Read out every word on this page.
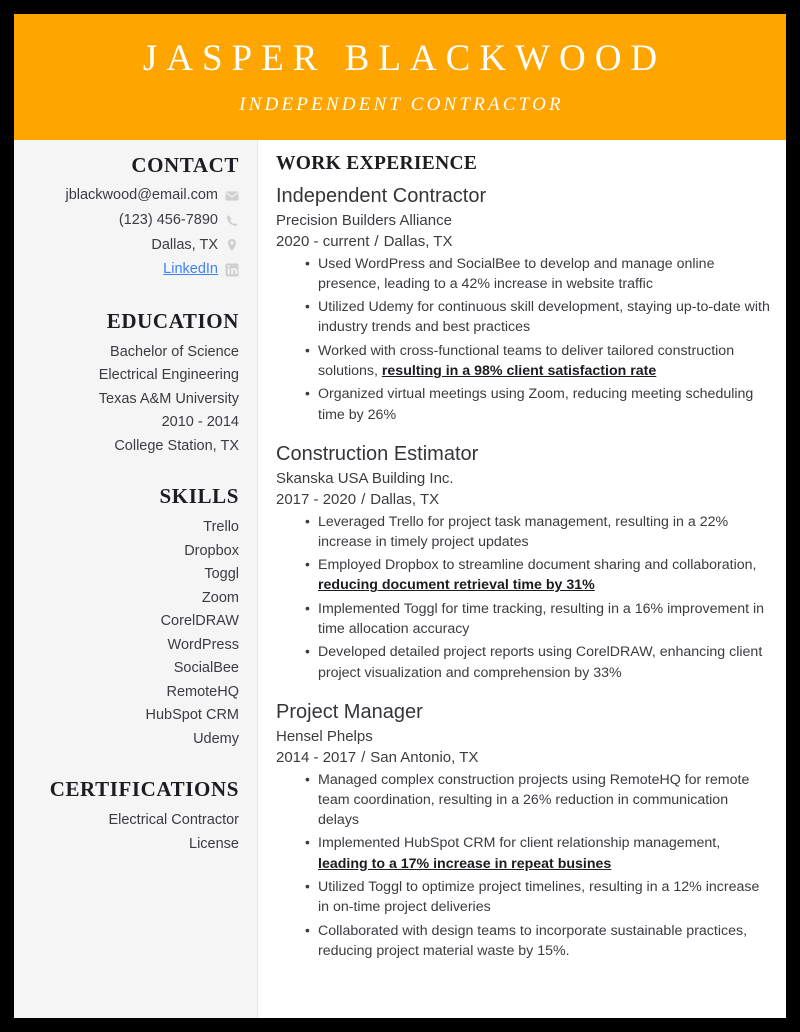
JASPER BLACKWOOD
INDEPENDENT CONTRACTOR
CONTACT
jblackwood@email.com
(123) 456-7890
Dallas, TX
LinkedIn
EDUCATION
Bachelor of Science
Electrical Engineering
Texas A&M University
2010 - 2014
College Station, TX
SKILLS
Trello
Dropbox
Toggl
Zoom
CorelDRAW
WordPress
SocialBee
RemoteHQ
HubSpot CRM
Udemy
CERTIFICATIONS
Electrical Contractor
License
WORK EXPERIENCE
Independent Contractor
Precision Builders Alliance
2020 - current / Dallas, TX
• Used WordPress and SocialBee to develop and manage online presence, leading to a 42% increase in website traffic
• Utilized Udemy for continuous skill development, staying up-to-date with industry trends and best practices
• Worked with cross-functional teams to deliver tailored construction solutions, resulting in a 98% client satisfaction rate
• Organized virtual meetings using Zoom, reducing meeting scheduling time by 26%
Construction Estimator
Skanska USA Building Inc.
2017 - 2020 / Dallas, TX
• Leveraged Trello for project task management, resulting in a 22% increase in timely project updates
• Employed Dropbox to streamline document sharing and collaboration, reducing document retrieval time by 31%
• Implemented Toggl for time tracking, resulting in a 16% improvement in time allocation accuracy
• Developed detailed project reports using CorelDRAW, enhancing client project visualization and comprehension by 33%
Project Manager
Hensel Phelps
2014 - 2017 / San Antonio, TX
• Managed complex construction projects using RemoteHQ for remote team coordination, resulting in a 26% reduction in communication delays
• Implemented HubSpot CRM for client relationship management, leading to a 17% increase in repeat busines
• Utilized Toggl to optimize project timelines, resulting in a 12% increase in on-time project deliveries
• Collaborated with design teams to incorporate sustainable practices, reducing project material waste by 15%.
